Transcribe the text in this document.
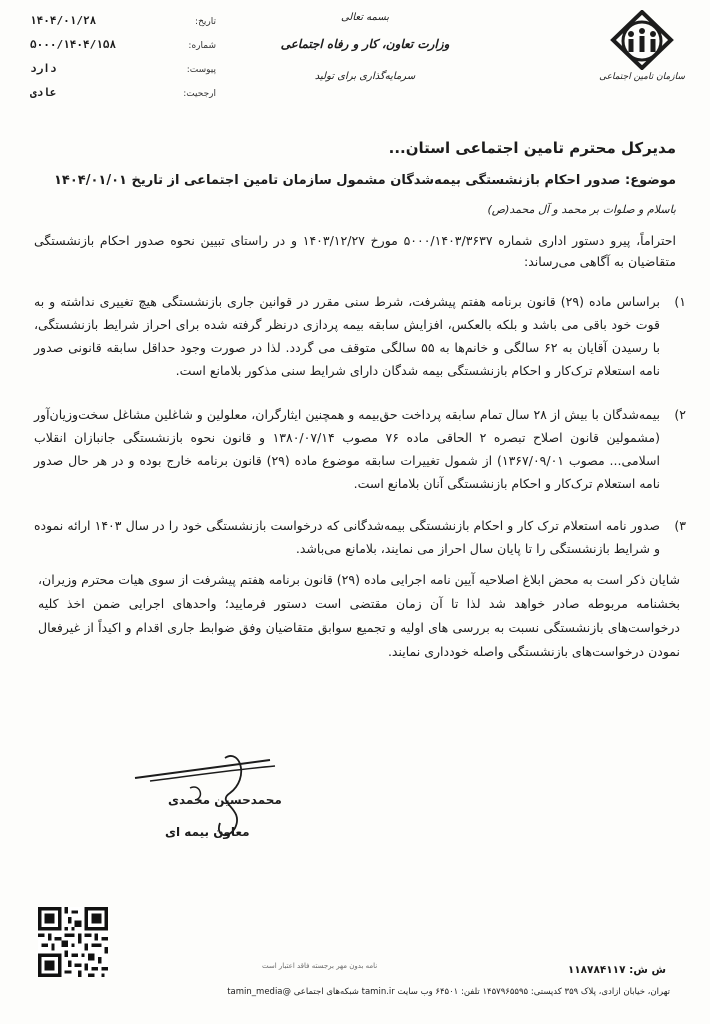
سازمان تامین اجتماعی
بسمه تعالی
وزارت تعاون، کار و رفاه اجتماعی
سرمایه‌گذاری برای تولید
تاریخ:
۱۴۰۴/۰۱/۲۸
شماره:
۵۰۰۰/۱۴۰۴/۱۵۸
پیوست:
دارد
ارجحیت:
عادی
مدیرکل محترم تامین اجتماعی استان...
موضوع: صدور احکام بازنشستگی بیمه‌شدگان مشمول سازمان تامین اجتماعی از تاریخ ۱۴۰۴/۰۱/۰۱
باسلام و صلوات بر محمد و آل محمد(ص)
احتراماً، پیرو دستور اداری شماره ۵۰۰۰/۱۴۰۳/۳۶۳۷ مورخ ۱۴۰۳/۱۲/۲۷ و در راستای تبیین نحوه صدور احکام بازنشستگی متقاضیان به آگاهی می‌رساند:
۱)
براساس ماده (۲۹) قانون برنامه هفتم پیشرفت، شرط سنی مقرر در قوانین جاری بازنشستگی هیچ تغییری نداشته و به قوت خود باقی می باشد و بلکه بالعکس، افزایش سابقه بیمه پردازی درنظر گرفته شده برای احراز شرایط بازنشستگی، با رسیدن آقایان به ۶۲ سالگی و خانم‌ها به ۵۵ سالگی متوقف می گردد. لذا در صورت وجود حداقل سابقه قانونی صدور نامه استعلام ترک‌کار و احکام بازنشستگی بیمه شدگان دارای شرایط سنی مذکور بلامانع است.
۲)
بیمه‌شدگان با بیش از ۲۸ سال تمام سابقه پرداخت حق‌بیمه و همچنین ایثارگران، معلولین و شاغلین مشاغل سخت‌وزیان‌آور (مشمولین قانون اصلاح تبصره ۲ الحاقی ماده ۷۶ مصوب ۱۳۸۰/۰۷/۱۴ و قانون نحوه بازنشستگی جانبازان انقلاب اسلامی... مصوب ۱۳۶۷/۰۹/۰۱) از شمول تغییرات سابقه موضوع ماده (۲۹) قانون برنامه خارج بوده و در هر حال صدور نامه استعلام ترک‌کار و احکام بازنشستگی آنان بلامانع است.
۳)
صدور نامه استعلام ترک کار و احکام بازنشستگی بیمه‌شدگانی که درخواست بازنشستگی خود را در سال ۱۴۰۳ ارائه نموده و شرایط بازنشستگی را تا پایان سال احراز می نمایند، بلامانع می‌باشد.
شایان ذکر است به محض ابلاغ اصلاحیه آیین نامه اجرایی ماده (۲۹) قانون برنامه هفتم پیشرفت از سوی هیات محترم وزیران، بخشنامه مربوطه صادر خواهد شد لذا تا آن زمان مقتضی است دستور فرمایید؛ واحدهای اجرایی ضمن اخذ کلیه درخواست‌های بازنشستگی نسبت به بررسی های اولیه و تجمیع سوابق متقاضیان وفق ضوابط جاری اقدام و اکیداً از غیرفعال نمودن درخواست‌های بازنشستگی واصله خودداری نمایند.
محمدحسین محمدی
معاون بیمه ای
نامه بدون مهر برجسته فاقد اعتبار است	ش ش: ۱۱۸۷۸۴۱۱۷
تهران، خیابان آزادی، پلاک ۳۵۹ کدپستی: ۱۴۵۷۹۶۵۵۹۵ تلفن: ۶۴۵۰۱ وب سایت tamin.ir شبکه‌های اجتماعی @tamin_media
